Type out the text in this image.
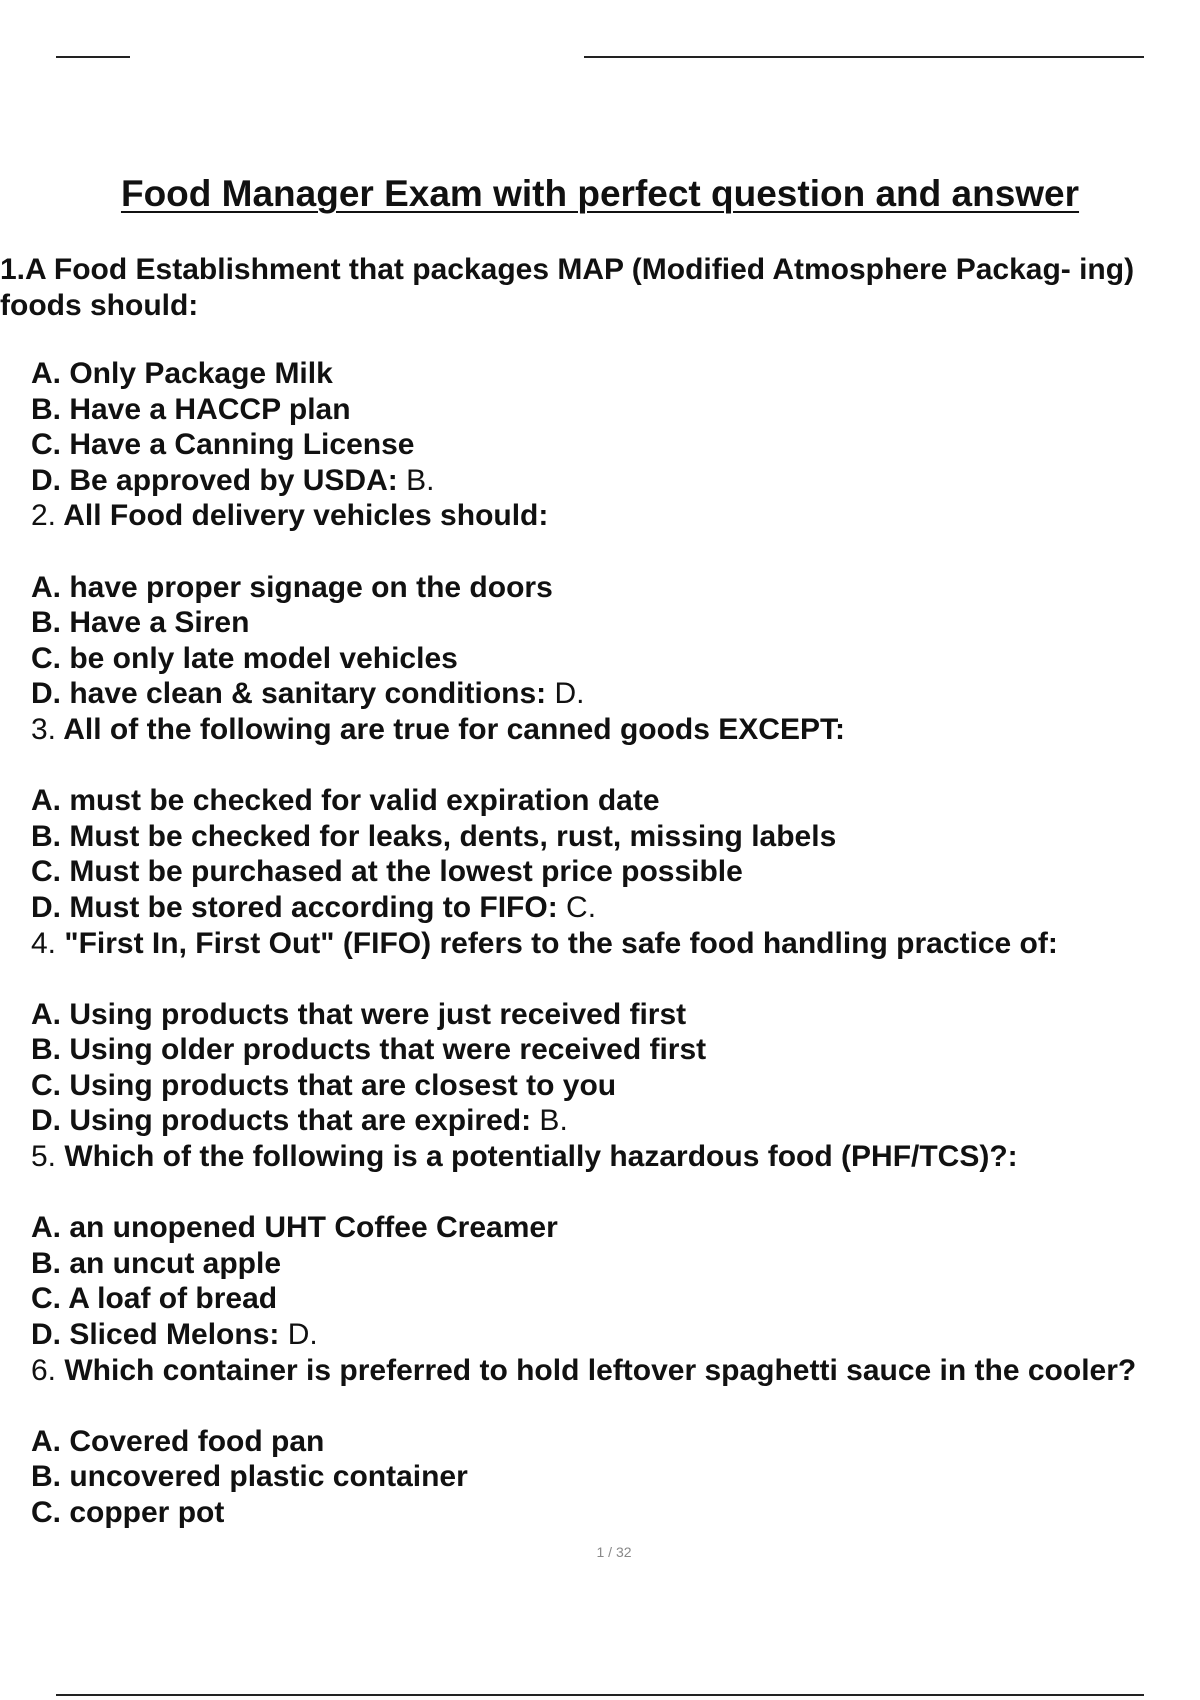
Food Manager Exam with perfect question and answer

1.A Food Establishment that packages MAP (Modified Atmosphere Packag- ing) foods should:

A. Only Package Milk
B. Have a HACCP plan
C. Have a Canning License
D. Be approved by USDA: B.
2. All Food delivery vehicles should:
A. have proper signage on the doors
B. Have a Siren
C. be only late model vehicles
D. have clean & sanitary conditions: D.
3. All of the following are true for canned goods EXCEPT:
A. must be checked for valid expiration date
B. Must be checked for leaks, dents, rust, missing labels
C. Must be purchased at the lowest price possible
D. Must be stored according to FIFO: C.
4. "First In, First Out" (FIFO) refers to the safe food handling practice of:
A. Using products that were just received first
B. Using older products that were received first
C. Using products that are closest to you
D. Using products that are expired: B.
5. Which of the following is a potentially hazardous food (PHF/TCS)?:
A. an unopened UHT Coffee Creamer
B. an uncut apple
C. A loaf of bread
D. Sliced Melons: D.
6. Which container is preferred to hold leftover spaghetti sauce in the cooler?
A. Covered food pan
B. uncovered plastic container
C. copper pot
1 / 32
